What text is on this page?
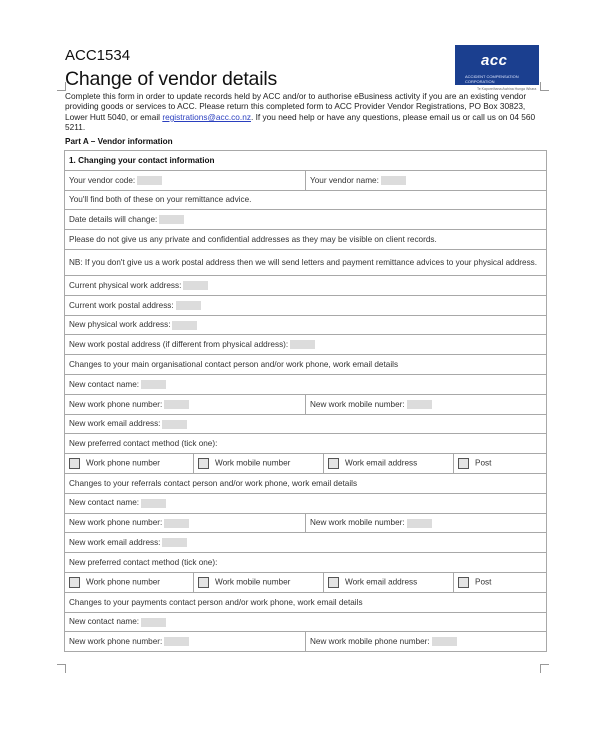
ACC1534
Change of vendor details
acc
ACCIDENT COMPENSATION CORPORATION
Te Kaporeihana Awhina Hunga Whara
Complete this form in order to update records held by ACC and/or to authorise eBusiness activity if you are an existing vendor providing goods or services to ACC. Please return this completed form to ACC Provider Vendor Registrations, PO Box 30823, Lower Hutt 5040, or email registrations@acc.co.nz. If you need help or have any questions, please email us or call us on 04 560 5211.
Part A – Vendor information
1. Changing your contact information
Your vendor code:	Your vendor name:
You'll find both of these on your remittance advice.
Date details will change:
Please do not give us any private and confidential addresses as they may be visible on client records.
NB: If you don't give us a work postal address then we will send letters and payment remittance advices to your physical address.
Current physical work address:
Current work postal address:
New physical work address:
New work postal address (if different from physical address):
Changes to your main organisational contact person and/or work phone, work email details
New contact name:
New work phone number:	New work mobile number:
New work email address:
New preferred contact method (tick one):

Work phone number	Work mobile number	Work email address	Post

Changes to your referrals contact person and/or work phone, work email details
New contact name:
New work phone number:	New work mobile number:
New work email address:
New preferred contact method (tick one):

Work phone number	Work mobile number	Work email address	Post

Changes to your payments contact person and/or work phone, work email details
New contact name:
New work phone number:	New work mobile phone number:
